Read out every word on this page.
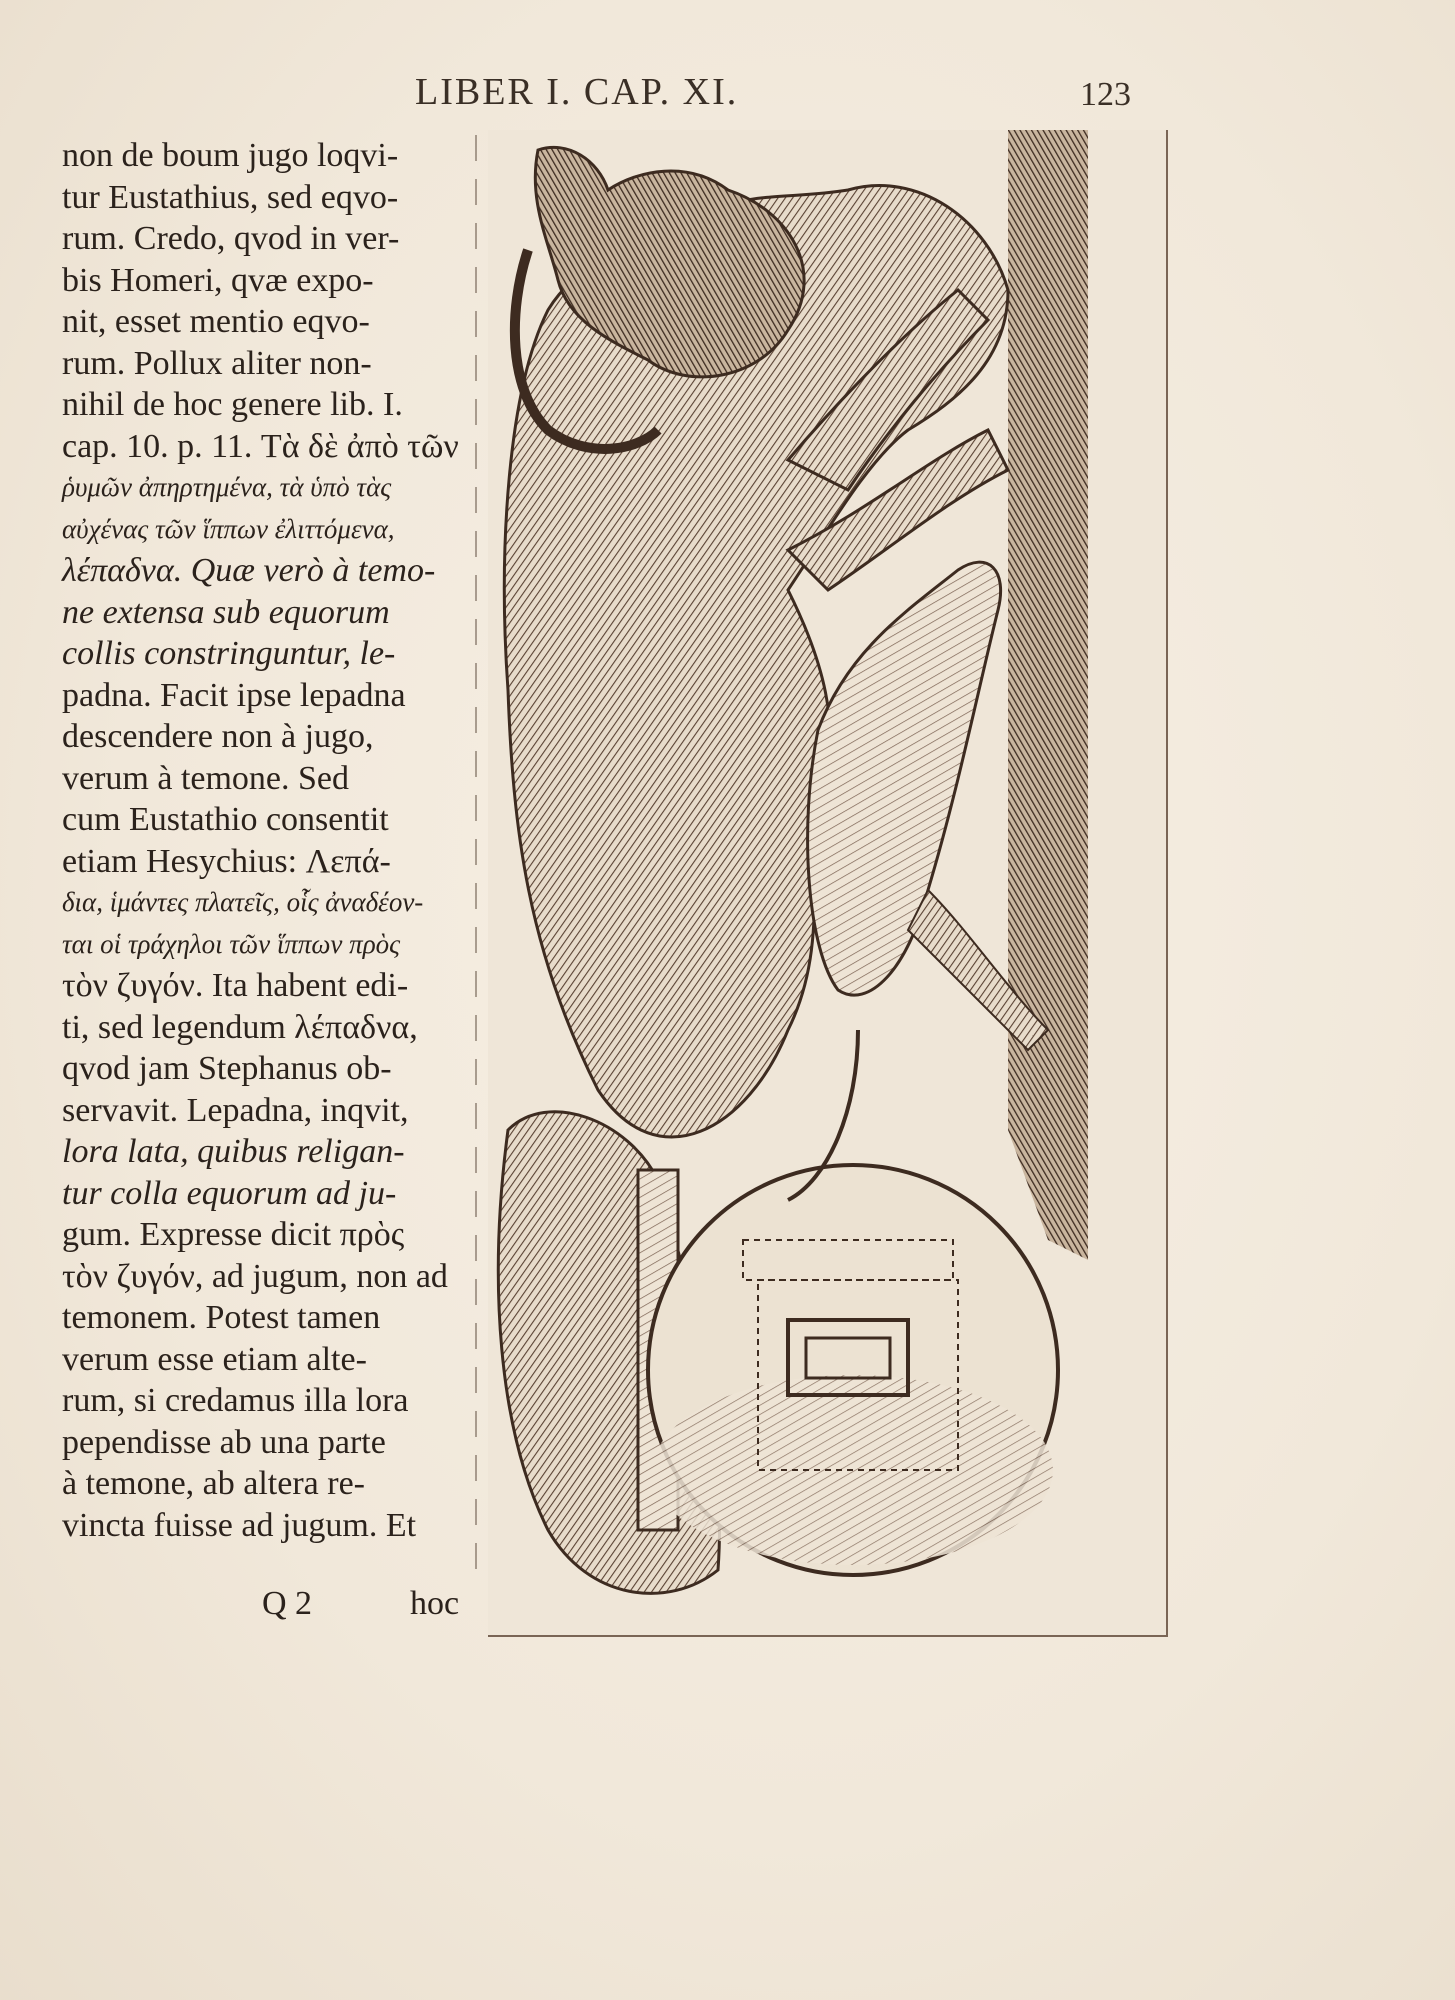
LIBER I. CAP. XI.	123
non de boum jugo loqvi-
tur Eustathius, sed eqvo-
rum. Credo, qvod in ver-
bis Homeri, qvæ expo-
nit, esset mentio eqvo-
rum. Pollux aliter non-
nihil de hoc genere lib. I.
cap. 10. p. 11. Τὰ δὲ ἀπὸ τῶν
ῥυμῶν ἀπηρτημένα, τὰ ὑπὸ τὰς
αὐχένας τῶν ἵππων ἐλιττόμενα,
λέπαδνα. Quæ verò à temo-
ne extensa sub equorum
collis constringuntur, le-
padna. Facit ipse lepadna
descendere non à jugo,
verum à temone. Sed
cum Eustathio consentit
etiam Hesychius: Λεπά-
δια, ἱμάντες πλατεῖς, οἷς ἀναδέον-
ται οἱ τράχηλοι τῶν ἵππων πρὸς
τὸν ζυγόν. Ita habent edi-
ti, sed legendum λέπαδνα,
qvod jam Stephanus ob-
servavit. Lepadna, inqvit,
lora lata, quibus religan-
tur colla equorum ad ju-
gum. Expresse dicit πρὸς
τὸν ζυγόν, ad jugum, non ad
temonem. Potest tamen
verum esse etiam alte-
rum, si credamus illa lora
pependisse ab una parte
à temone, ab altera re-
vincta fuisse ad jugum. Et
Q 2	hoc
